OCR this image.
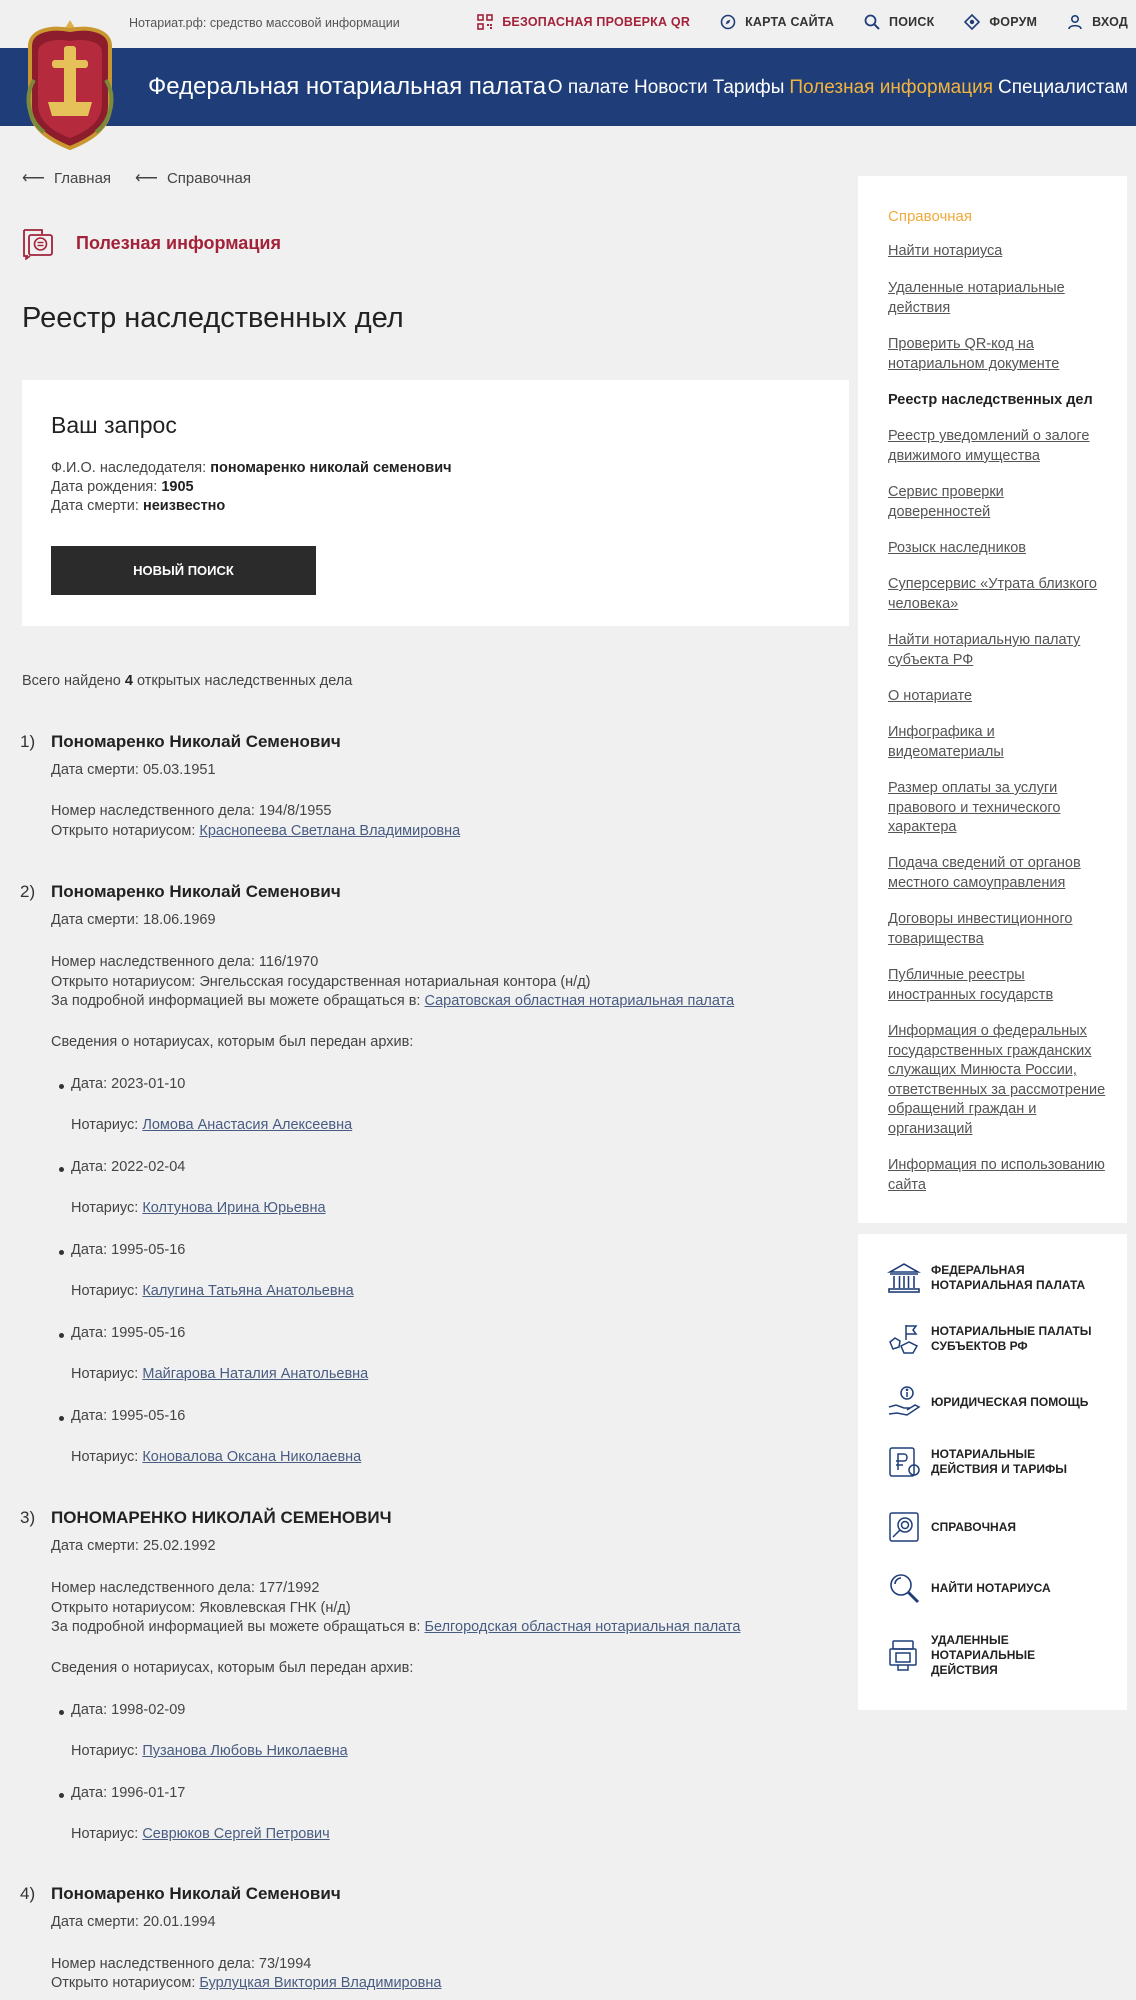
Нотариат.рф: средство массовой информации	БЕЗОПАСНАЯ ПРОВЕРКА QR	КАРТА САЙТА	ПОИСК	ФОРУМ	ВХОД
Федеральная нотариальная палата О палате Новости Тарифы Полезная информация Специалистам
⟵ Главная ⟵ Справочная
Полезная информация
Реестр наследственных дел
Ваш запрос
Ф.И.О. наследодателя: пономаренко николай семенович
Дата рождения: 1905
Дата смерти: неизвестно
НОВЫЙ ПОИСК
Всего найдено 4 открытых наследственных дела
1) Пономаренко Николай Семенович
Дата смерти: 05.03.1951
Номер наследственного дела: 194/8/1955
Открыто нотариусом: Краснопеева Светлана Владимировна
2) Пономаренко Николай Семенович
Дата смерти: 18.06.1969
Номер наследственного дела: 116/1970
Открыто нотариусом: Энгельсская государственная нотариальная контора (н/д)
За подробной информацией вы можете обращаться в: Саратовская областная нотариальная палата
Сведения о нотариусах, которым был передан архив:
Дата: 2023-01-10
Нотариус: Ломова Анастасия Алексеевна
Дата: 2022-02-04
Нотариус: Колтунова Ирина Юрьевна
Дата: 1995-05-16
Нотариус: Калугина Татьяна Анатольевна
Дата: 1995-05-16
Нотариус: Майгарова Наталия Анатольевна
Дата: 1995-05-16
Нотариус: Коновалова Оксана Николаевна
3) ПОНОМАРЕНКО НИКОЛАЙ СЕМЕНОВИЧ
Дата смерти: 25.02.1992
Номер наследственного дела: 177/1992
Открыто нотариусом: Яковлевская ГНК (н/д)
За подробной информацией вы можете обращаться в: Белгородская областная нотариальная палата
Сведения о нотариусах, которым был передан архив:
Дата: 1998-02-09
Нотариус: Пузанова Любовь Николаевна
Дата: 1996-01-17
Нотариус: Севрюков Сергей Петрович
4) Пономаренко Николай Семенович
Дата смерти: 20.01.1994
Номер наследственного дела: 73/1994
Открыто нотариусом: Бурлуцкая Виктория Владимировна
Справочная
Найти нотариуса
Удаленные нотариальные действия
Проверить QR-код на нотариальном документе
Реестр наследственных дел
Реестр уведомлений о залоге движимого имущества
Сервис проверки доверенностей
Розыск наследников
Суперсервис «Утрата близкого человека»
Найти нотариальную палату субъекта РФ
О нотариате
Инфографика и видеоматериалы
Размер оплаты за услуги правового и технического характера
Подача сведений от органов местного самоуправления
Договоры инвестиционного товарищества
Публичные реестры иностранных государств
Информация о федеральных государственных гражданских служащих Минюста России, ответственных за рассмотрение обращений граждан и организаций
Информация по использованию сайта
ФЕДЕРАЛЬНАЯ НОТАРИАЛЬНАЯ ПАЛАТА
НОТАРИАЛЬНЫЕ ПАЛАТЫ СУБЪЕКТОВ РФ
ЮРИДИЧЕСКАЯ ПОМОЩЬ
НОТАРИАЛЬНЫЕ ДЕЙСТВИЯ И ТАРИФЫ
СПРАВОЧНАЯ
НАЙТИ НОТАРИУСА
УДАЛЕННЫЕ НОТАРИАЛЬНЫЕ ДЕЙСТВИЯ
